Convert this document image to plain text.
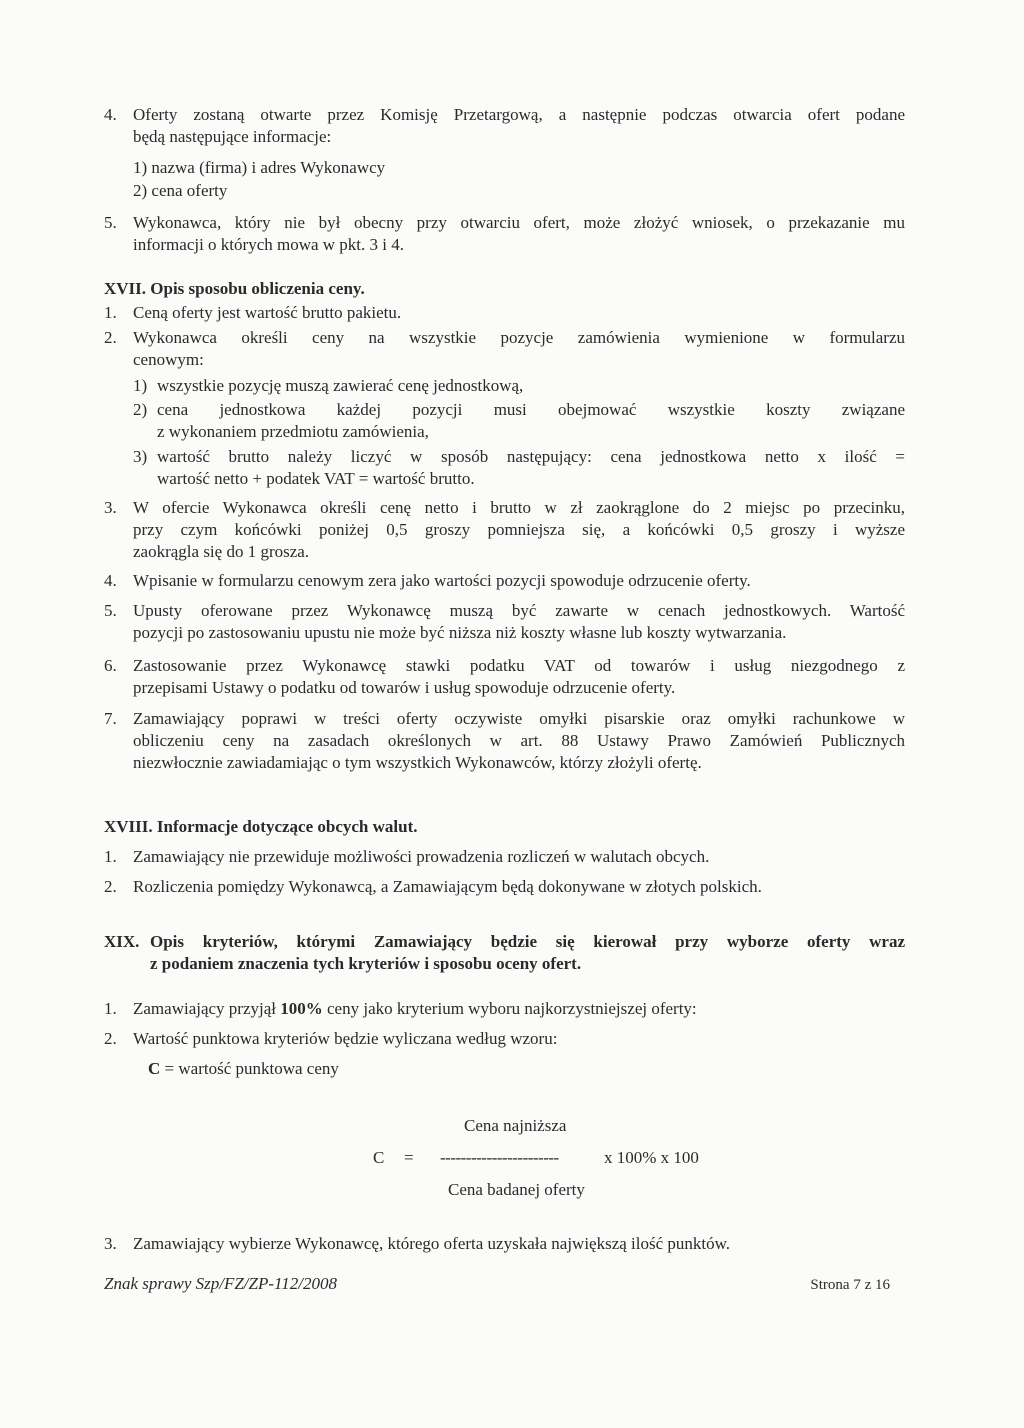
4. Oferty zostaną otwarte przez Komisję Przetargową, a następnie podczas otwarcia ofert podane
będą następujące informacje:
1) nazwa (firma) i adres Wykonawcy
2) cena oferty
5. Wykonawca, który nie był obecny przy otwarciu ofert, może złożyć wniosek, o przekazanie mu
informacji o których mowa w pkt. 3 i 4.
XVII. Opis sposobu obliczenia ceny.
1. Ceną oferty jest wartość brutto pakietu.
2. Wykonawca określi ceny na wszystkie pozycje zamówienia wymienione w formularzu
cenowym:
1) wszystkie pozycję muszą zawierać cenę jednostkową,
2) cena jednostkowa każdej pozycji musi obejmować wszystkie koszty związane
z wykonaniem przedmiotu zamówienia,
3) wartość brutto należy liczyć w sposób następujący: cena jednostkowa netto x ilość =
wartość netto + podatek VAT = wartość brutto.
3. W ofercie Wykonawca określi cenę netto i brutto w zł zaokrąglone do 2 miejsc po przecinku,
przy czym końcówki poniżej 0,5 groszy pomniejsza się, a końcówki 0,5 groszy i wyższe
zaokrągla się do 1 grosza.
4. Wpisanie w formularzu cenowym zera jako wartości pozycji spowoduje odrzucenie oferty.
5. Upusty oferowane przez Wykonawcę muszą być zawarte w cenach jednostkowych. Wartość
pozycji po zastosowaniu upustu nie może być niższa niż koszty własne lub koszty wytwarzania.
6. Zastosowanie przez Wykonawcę stawki podatku VAT od towarów i usług niezgodnego z
przepisami Ustawy o podatku od towarów i usług spowoduje odrzucenie oferty.
7. Zamawiający poprawi w treści oferty oczywiste omyłki pisarskie oraz omyłki rachunkowe w
obliczeniu ceny na zasadach określonych w art. 88 Ustawy Prawo Zamówień Publicznych
niezwłocznie zawiadamiając o tym wszystkich Wykonawców, którzy złożyli ofertę.
XVIII. Informacje dotyczące obcych walut.
1. Zamawiający nie przewiduje możliwości prowadzenia rozliczeń w walutach obcych.
2. Rozliczenia pomiędzy Wykonawcą, a Zamawiającym będą dokonywane w złotych polskich.
XIX. Opis kryteriów, którymi Zamawiający będzie się kierował przy wyborze oferty wraz
z podaniem znaczenia tych kryteriów i sposobu oceny ofert.
1. Zamawiający przyjął 100% ceny jako kryterium wyboru najkorzystniejszej oferty:
2. Wartość punktowa kryteriów będzie wyliczana według wzoru:
C = wartość punktowa ceny
Cena najniższa
C = -----------------------	x 100% x 100
Cena badanej oferty
3. Zamawiający wybierze Wykonawcę, którego oferta uzyskała największą ilość punktów.
Znak sprawy Szp/FZ/ZP-112/2008	Strona 7 z 16
